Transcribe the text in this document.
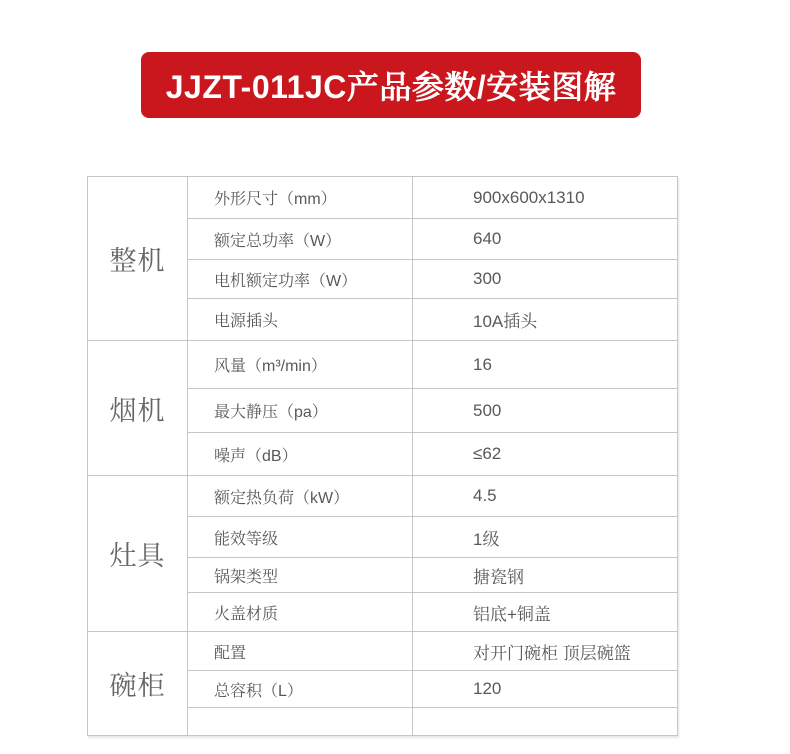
JJZT-011JC产品参数/安装图解
整机	外形尺寸（mm）	900x600x1310
	额定总功率（W）	640
	电机额定功率（W）	300
	电源插头	10A插头
烟机	风量（m³/min）	16
	最大静压（pa）	500
	噪声（dB）	≤62
灶具	额定热负荷（kW）	4.5
	能效等级	1级
	锅架类型	搪瓷钢
	火盖材质	铝底+铜盖
碗柜	配置	对开门碗柜 顶层碗篮
	总容积（L）	120
